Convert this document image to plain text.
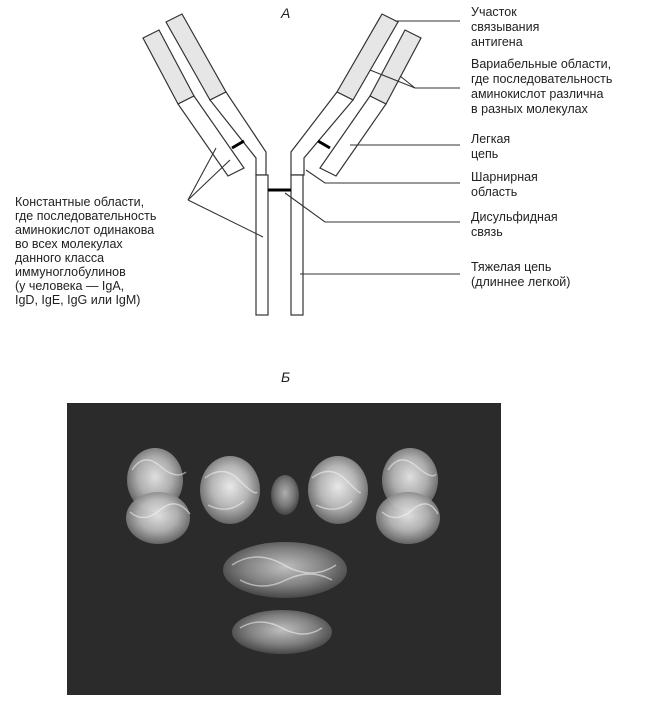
А
Б
Участок связывания антигена
Вариабельные области, где последовательность аминокислот различна в разных молекулах
Легкая цепь
Шарнирная область
Дисульфидная связь
Тяжелая цепь (длиннее легкой)
Константные области, где последовательность аминокислот одинакова во всех молекулах данного класса иммуноглобулинов (у человека — IgA, IgD, IgE, IgG или IgM)
